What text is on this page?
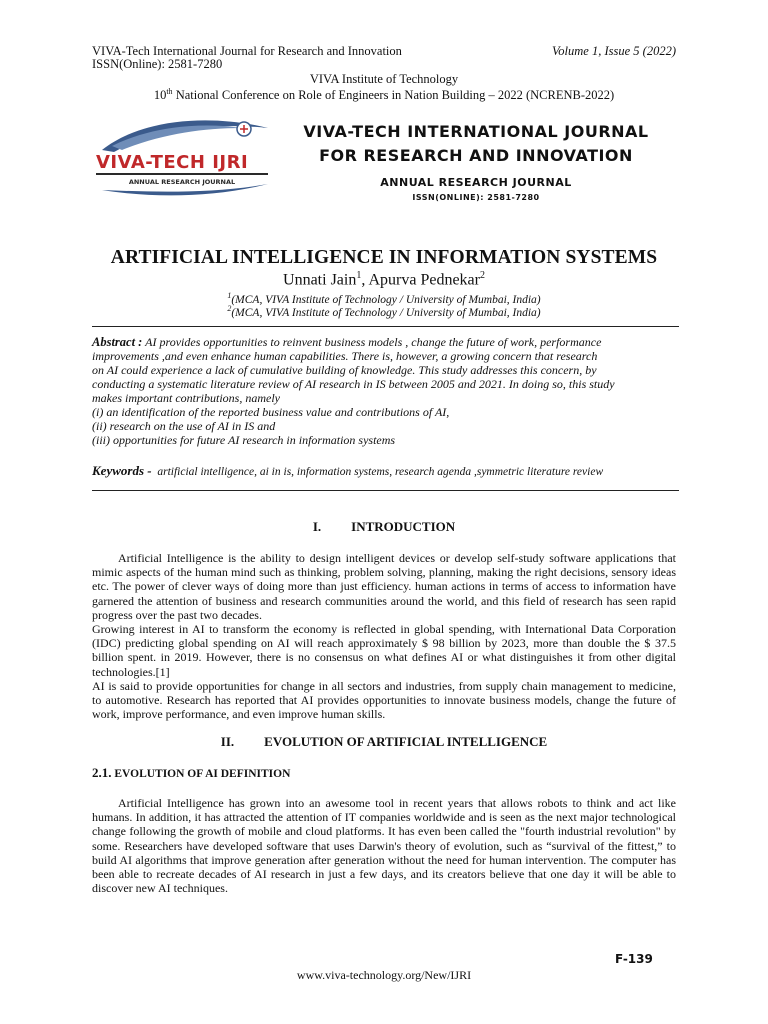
VIVA-Tech International Journal for Research and Innovation	Volume 1, Issue 5 (2022)
ISSN(Online): 2581-7280
VIVA Institute of Technology
10th National Conference on Role of Engineers in Nation Building – 2022 (NCRENB-2022)
VIVA-TECH IJRI
ANNUAL RESEARCH JOURNAL
VIVA-TECH INTERNATIONAL JOURNAL
FOR RESEARCH AND INNOVATION
ANNUAL RESEARCH JOURNAL
ISSN(ONLINE): 2581-7280
ARTIFICIAL INTELLIGENCE IN INFORMATION SYSTEMS
Unnati Jain$^1$, Apurva Pednekar$^2$
$^1$(MCA, VIVA Institute of Technology / University of Mumbai, India)
$^2$(MCA, VIVA Institute of Technology / University of Mumbai, India)
Abstract : AI provides opportunities to reinvent business models , change the future of work, performance
improvements ,and even enhance human capabilities. There is, however, a growing concern that research
on AI could experience a lack of cumulative building of knowledge. This study addresses this concern, by
conducting a systematic literature review of AI research in IS between 2005 and 2021. In doing so, this study
makes important contributions, namely
(i) an identification of the reported business value and contributions of AI,
(ii) research on the use of AI in IS and
(iii) opportunities for future AI research in information systems
Keywords - artificial intelligence, ai in is, information systems, research agenda ,symmetric literature review
I. INTRODUCTION

Artificial Intelligence is the ability to design intelligent devices or develop self-study software applications that mimic aspects of the human mind such as thinking, problem solving, planning, making the right decisions, sensory ideas etc. The power of clever ways of doing more than just efficiency. human actions in terms of access to information have garnered the attention of business and research communities around the world, and this field of research has seen rapid progress over the past two decades.

Growing interest in AI to transform the economy is reflected in global spending, with International Data Corporation (IDC) predicting global spending on AI will reach approximately $ 98 billion by 2023, more than double the $ 37.5 billion spent. in 2019. However, there is no consensus on what defines AI or what distinguishes it from other digital technologies.[1]

AI is said to provide opportunities for change in all sectors and industries, from supply chain management to medicine, to automotive. Research has reported that AI provides opportunities to innovate business models, change the future of work, improve performance, and even improve human skills.

II. EVOLUTION OF ARTIFICIAL INTELLIGENCE
2.1. EVOLUTION OF AI DEFINITION

Artificial Intelligence has grown into an awesome tool in recent years that allows robots to think and act like humans. In addition, it has attracted the attention of IT companies worldwide and is seen as the next major technological change following the growth of mobile and cloud platforms. It has even been called the "fourth industrial revolution" by some. Researchers have developed software that uses Darwin's theory of evolution, such as “survival of the fittest,” to build AI algorithms that improve generation after generation without the need for human intervention. The computer has been able to recreate decades of AI research in just a few days, and its creators believe that one day it will be able to discover new AI techniques.

F-139
www.viva-technology.org/New/IJRI
